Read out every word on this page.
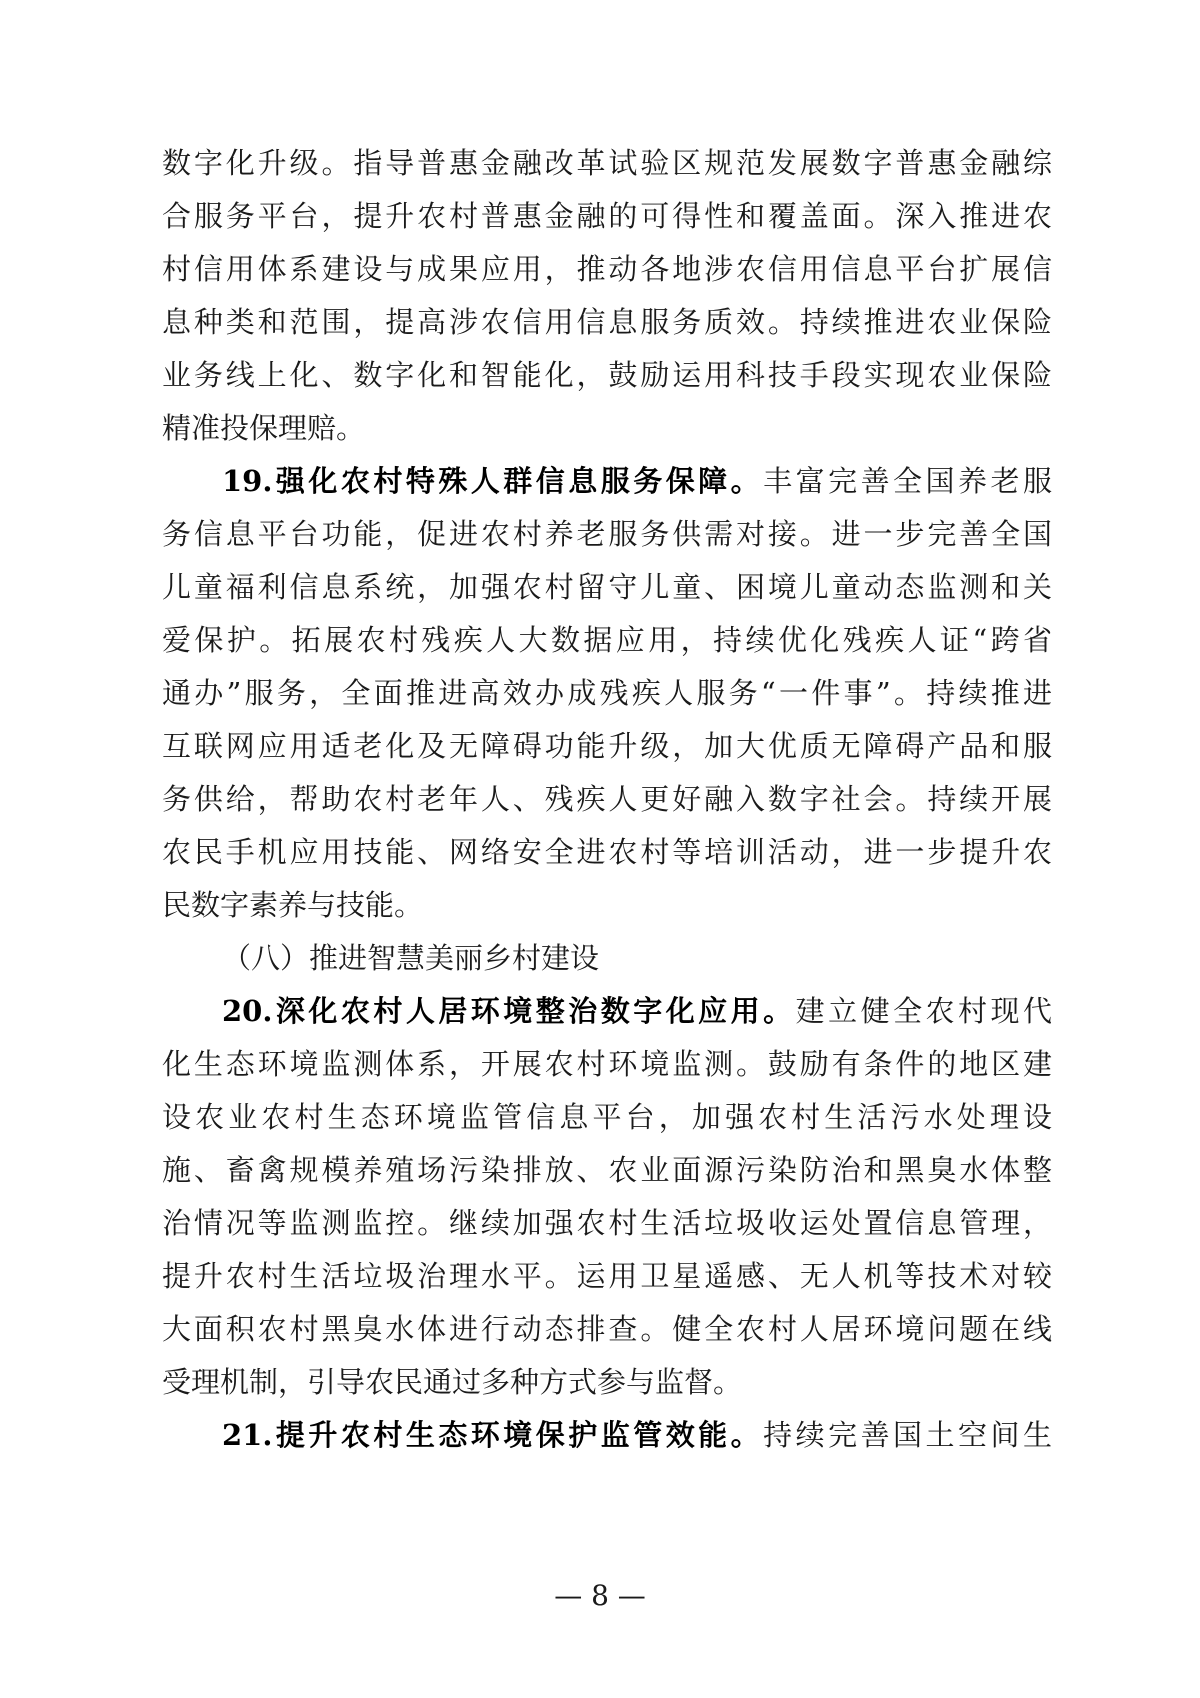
数字化升级。指导普惠金融改革试验区规范发展数字普惠金融综
合服务平台，提升农村普惠金融的可得性和覆盖面。深入推进农
村信用体系建设与成果应用，推动各地涉农信用信息平台扩展信
息种类和范围，提高涉农信用信息服务质效。持续推进农业保险
业务线上化、数字化和智能化，鼓励运用科技手段实现农业保险
精准投保理赔。
19.强化农村特殊人群信息服务保障。丰富完善全国养老服
务信息平台功能，促进农村养老服务供需对接。进一步完善全国
儿童福利信息系统，加强农村留守儿童、困境儿童动态监测和关
爱保护。拓展农村残疾人大数据应用，持续优化残疾人证“跨省
通办”服务，全面推进高效办成残疾人服务“一件事”。持续推进
互联网应用适老化及无障碍功能升级，加大优质无障碍产品和服
务供给，帮助农村老年人、残疾人更好融入数字社会。持续开展
农民手机应用技能、网络安全进农村等培训活动，进一步提升农
民数字素养与技能。
（八）推进智慧美丽乡村建设
20.深化农村人居环境整治数字化应用。建立健全农村现代
化生态环境监测体系，开展农村环境监测。鼓励有条件的地区建
设农业农村生态环境监管信息平台，加强农村生活污水处理设
施、畜禽规模养殖场污染排放、农业面源污染防治和黑臭水体整
治情况等监测监控。继续加强农村生活垃圾收运处置信息管理，
提升农村生活垃圾治理水平。运用卫星遥感、无人机等技术对较
大面积农村黑臭水体进行动态排查。健全农村人居环境问题在线
受理机制，引导农民通过多种方式参与监督。
21.提升农村生态环境保护监管效能。持续完善国土空间生
— 8 —
